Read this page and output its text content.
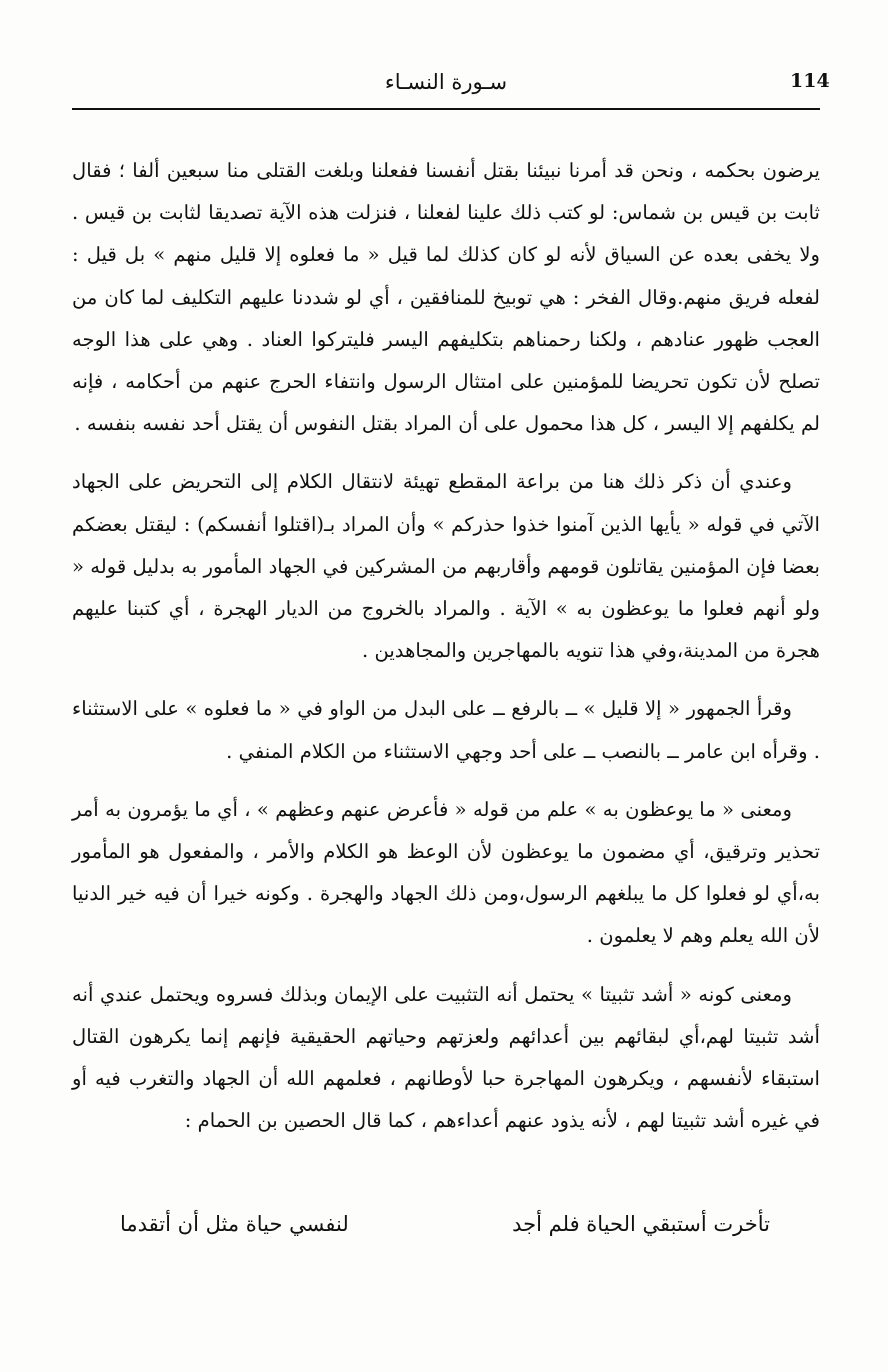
114
سـورة النسـاء

يرضون بحكمه ، ونحن قد أمرنا نبيئنا بقتل أنفسنا ففعلنا وبلغت القتلى منا سبعين ألفا ؛ فقال ثابت بن قيس بن شماس: لو كتب ذلك علينا لفعلنا ، فنزلت هذه الآية تصديقا لثابت بن قيس . ولا يخفى بعده عن السياق لأنه لو كان كذلك لما قيل « ما فعلوه إلا قليل منهم » بل قيل : لفعله فريق منهم.وقال الفخر : هي توبيخ للمنافقين ، أي لو شددنا عليهم التكليف لما كان من العجب ظهور عنادهم ، ولكنا رحمناهم بتكليفهم اليسر فليتركوا العناد . وهي على هذا الوجه تصلح لأن تكون تحريضا للمؤمنين على امتثال الرسول وانتفاء الحرج عنهم من أحكامه ، فإنه لم يكلفهم إلا اليسر ، كل هذا محمول على أن المراد بقتل النفوس أن يقتل أحد نفسه بنفسه .

وعندي أن ذكر ذلك هنا من براعة المقطع تهيئة لانتقال الكلام إلى التحريض على الجهاد الآتي في قوله « يأيها الذين آمنوا خذوا حذركم » وأن المراد بـ(اقتلوا أنفسكم) : ليقتل بعضكم بعضا فإن المؤمنين يقاتلون قومهم وأقاربهم من المشركين في الجهاد المأمور به بدليل قوله « ولو أنهم فعلوا ما يوعظون به » الآية . والمراد بالخروج من الديار الهجرة ، أي كتبنا عليهم هجرة من المدينة،وفي هذا تنويه بالمهاجرين والمجاهدين .

وقرأ الجمهور « إلا قليل » ــ بالرفع ــ على البدل من الواو في « ما فعلوه » على الاستثناء . وقرأه ابن عامر ــ بالنصب ــ على أحد وجهي الاستثناء من الكلام المنفي .

ومعنى « ما يوعظون به » علم من قوله « فأعرض عنهم وعظهم » ، أي ما يؤمرون به أمر تحذير وترقيق، أي مضمون ما يوعظون لأن الوعظ هو الكلام والأمر ، والمفعول هو المأمور به،أي لو فعلوا كل ما يبلغهم الرسول،ومن ذلك الجهاد والهجرة . وكونه خيرا أن فيه خير الدنيا لأن الله يعلم وهم لا يعلمون .

ومعنى كونه « أشد تثبيتا » يحتمل أنه التثبيت على الإيمان وبذلك فسروه ويحتمل عندي أنه أشد تثبيتا لهم،أي لبقائهم بين أعدائهم ولعزتهم وحياتهم الحقيقية فإنهم إنما يكرهون القتال استبقاء لأنفسهم ، ويكرهون المهاجرة حبا لأوطانهم ، فعلمهم الله أن الجهاد والتغرب فيه أو في غيره أشد تثبيتا لهم ، لأنه يذود عنهم أعداءهم ، كما قال الحصين بن الحمام :

تأخرت أستبقي الحياة فلم أجد
لنفسي حياة مثل أن أتقدما
